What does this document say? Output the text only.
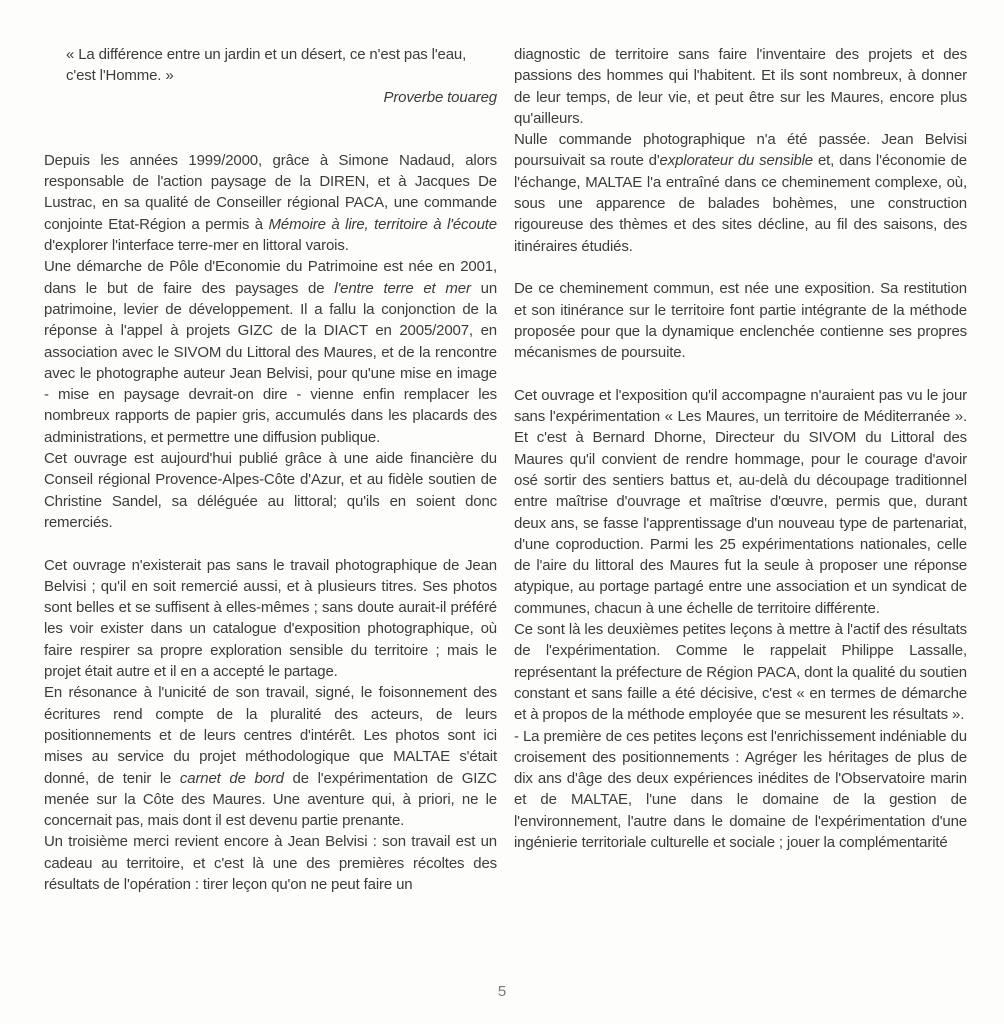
« La différence entre un jardin et un désert, ce n'est pas l'eau, c'est l'Homme. »

Proverbe touareg

Depuis les années 1999/2000, grâce à Simone Nadaud, alors responsable de l'action paysage de la DIREN, et à Jacques De Lustrac, en sa qualité de Conseiller régional PACA, une commande conjointe Etat-Région a permis à Mémoire à lire, territoire à l'écoute d'explorer l'interface terre-mer en littoral varois.

Une démarche de Pôle d'Economie du Patrimoine est née en 2001, dans le but de faire des paysages de l'entre terre et mer un patrimoine, levier de développement. Il a fallu la conjonction de la réponse à l'appel à projets GIZC de la DIACT en 2005/2007, en association avec le SIVOM du Littoral des Maures, et de la rencontre avec le photographe auteur Jean Belvisi, pour qu'une mise en image - mise en paysage devrait-on dire - vienne enfin remplacer les nombreux rapports de papier gris, accumulés dans les placards des administrations, et permettre une diffusion publique.

Cet ouvrage est aujourd'hui publié grâce à une aide financière du Conseil régional Provence-Alpes-Côte d'Azur, et au fidèle soutien de Christine Sandel, sa déléguée au littoral; qu'ils en soient donc remerciés.

Cet ouvrage n'existerait pas sans le travail photographique de Jean Belvisi ; qu'il en soit remercié aussi, et à plusieurs titres. Ses photos sont belles et se suffisent à elles-mêmes ; sans doute aurait-il préféré les voir exister dans un catalogue d'exposition photographique, où faire respirer sa propre exploration sensible du territoire ; mais le projet était autre et il en a accepté le partage.

En résonance à l'unicité de son travail, signé, le foisonnement des écritures rend compte de la pluralité des acteurs, de leurs positionnements et de leurs centres d'intérêt. Les photos sont ici mises au service du projet méthodologique que MALTAE s'était donné, de tenir le carnet de bord de l'expérimentation de GIZC menée sur la Côte des Maures. Une aventure qui, à priori, ne le concernait pas, mais dont il est devenu partie prenante.

Un troisième merci revient encore à Jean Belvisi : son travail est un cadeau au territoire, et c'est là une des premières récoltes des résultats de l'opération : tirer leçon qu'on ne peut faire un

diagnostic de territoire sans faire l'inventaire des projets et des passions des hommes qui l'habitent. Et ils sont nombreux, à donner de leur temps, de leur vie, et peut être sur les Maures, encore plus qu'ailleurs.

Nulle commande photographique n'a été passée. Jean Belvisi poursuivait sa route d'explorateur du sensible et, dans l'économie de l'échange, MALTAE l'a entraîné dans ce cheminement complexe, où, sous une apparence de balades bohèmes, une construction rigoureuse des thèmes et des sites décline, au fil des saisons, des itinéraires étudiés.

De ce cheminement commun, est née une exposition. Sa restitution et son itinérance sur le territoire font partie intégrante de la méthode proposée pour que la dynamique enclenchée contienne ses propres mécanismes de poursuite.

Cet ouvrage et l'exposition qu'il accompagne n'auraient pas vu le jour sans l'expérimentation « Les Maures, un territoire de Méditerranée ». Et c'est à Bernard Dhorne, Directeur du SIVOM du Littoral des Maures qu'il convient de rendre hommage, pour le courage d'avoir osé sortir des sentiers battus et, au-delà du découpage traditionnel entre maîtrise d'ouvrage et maîtrise d'œuvre, permis que, durant deux ans, se fasse l'apprentissage d'un nouveau type de partenariat, d'une coproduction. Parmi les 25 expérimentations nationales, celle de l'aire du littoral des Maures fut la seule à proposer une réponse atypique, au portage partagé entre une association et un syndicat de communes, chacun à une échelle de territoire différente.

Ce sont là les deuxièmes petites leçons à mettre à l'actif des résultats de l'expérimentation. Comme le rappelait Philippe Lassalle, représentant la préfecture de Région PACA, dont la qualité du soutien constant et sans faille a été décisive, c'est « en termes de démarche et à propos de la méthode employée que se mesurent les résultats ».

- La première de ces petites leçons est l'enrichissement indéniable du croisement des positionnements : Agréger les héritages de plus de dix ans d'âge des deux expériences inédites de l'Observatoire marin et de MALTAE, l'une dans le domaine de la gestion de l'environnement, l'autre dans le domaine de l'expérimentation d'une ingénierie territoriale culturelle et sociale ; jouer la complémentarité

5
